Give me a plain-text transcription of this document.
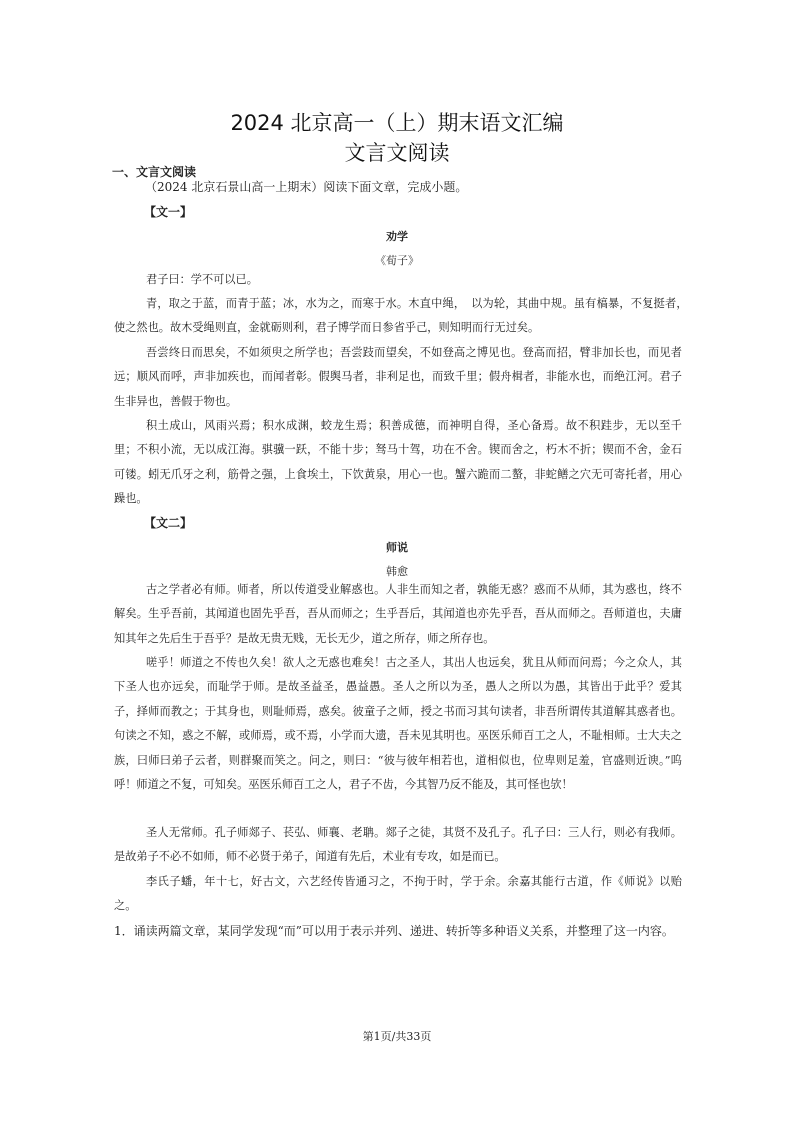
2024 北京高一（上）期末语文汇编
文言文阅读
一、文言文阅读
（2024 北京石景山高一上期末）阅读下面文章，完成小题。
【文一】
劝学
《荀子》
君子曰：学不可以已。
青，取之于蓝，而青于蓝；冰，水为之，而寒于水。木直中绳，　以为轮，其曲中规。虽有槁暴，不复挺者，　使之然也。故木受绳则直，金就砺则利，君子博学而日参省乎己，则知明而行无过矣。
吾尝终日而思矣，不如须臾之所学也；吾尝跂而望矣，不如登高之博见也。登高而招，臂非加长也，而见者远；顺风而呼，声非加疾也，而闻者彰。假舆马者，非利足也，而致千里；假舟楫者，非能水也，而绝江河。君子生非异也，善假于物也。
积土成山，风雨兴焉；积水成渊，蛟龙生焉；积善成德，而神明自得，圣心备焉。故不积跬步，无以至千里；不积小流，无以成江海。骐骥一跃，不能十步；驽马十驾，功在不舍。锲而舍之，朽木不折；锲而不舍，金石可镂。蚓无爪牙之利，筋骨之强，上食埃土，下饮黄泉，用心一也。蟹六跪而二螯，非蛇鳝之穴无可寄托者，用心躁也。
【文二】
师说
韩愈
古之学者必有师。师者，所以传道受业解惑也。人非生而知之者，孰能无惑？惑而不从师，其为惑也，终不解矣。生乎吾前，其闻道也固先乎吾，吾从而师之；生乎吾后，其闻道也亦先乎吾，吾从而师之。吾师道也，夫庸知其年之先后生于吾乎？是故无贵无贱，无长无少，道之所存，师之所存也。
嗟乎！师道之不传也久矣！欲人之无惑也难矣！古之圣人，其出人也远矣，犹且从师而问焉；今之众人，其下圣人也亦远矣，而耻学于师。是故圣益圣，愚益愚。圣人之所以为圣，愚人之所以为愚，其皆出于此乎？爱其子，择师而教之；于其身也，则耻师焉，惑矣。彼童子之师，授之书而习其句读者，非吾所谓传其道解其惑者也。句读之不知，惑之不解，或师焉，或不焉，小学而大遗，吾未见其明也。巫医乐师百工之人，不耻相师。士大夫之族，曰师曰弟子云者，则群聚而笑之。问之，则曰：“彼与彼年相若也，道相似也，位卑则足羞，官盛则近谀。”呜呼！师道之不复，可知矣。巫医乐师百工之人，君子不齿，今其智乃反不能及，其可怪也欤！
圣人无常师。孔子师郯子、苌弘、师襄、老聃。郯子之徒，其贤不及孔子。孔子曰：三人行，则必有我师。是故弟子不必不如师，师不必贤于弟子，闻道有先后，术业有专攻，如是而已。
李氏子蟠，年十七，好古文，六艺经传皆通习之，不拘于时，学于余。余嘉其能行古道，作《师说》以贻之。
1．诵读两篇文章，某同学发现“而”可以用于表示并列、递进、转折等多种语义关系，并整理了这一内容。
第1页/共33页
